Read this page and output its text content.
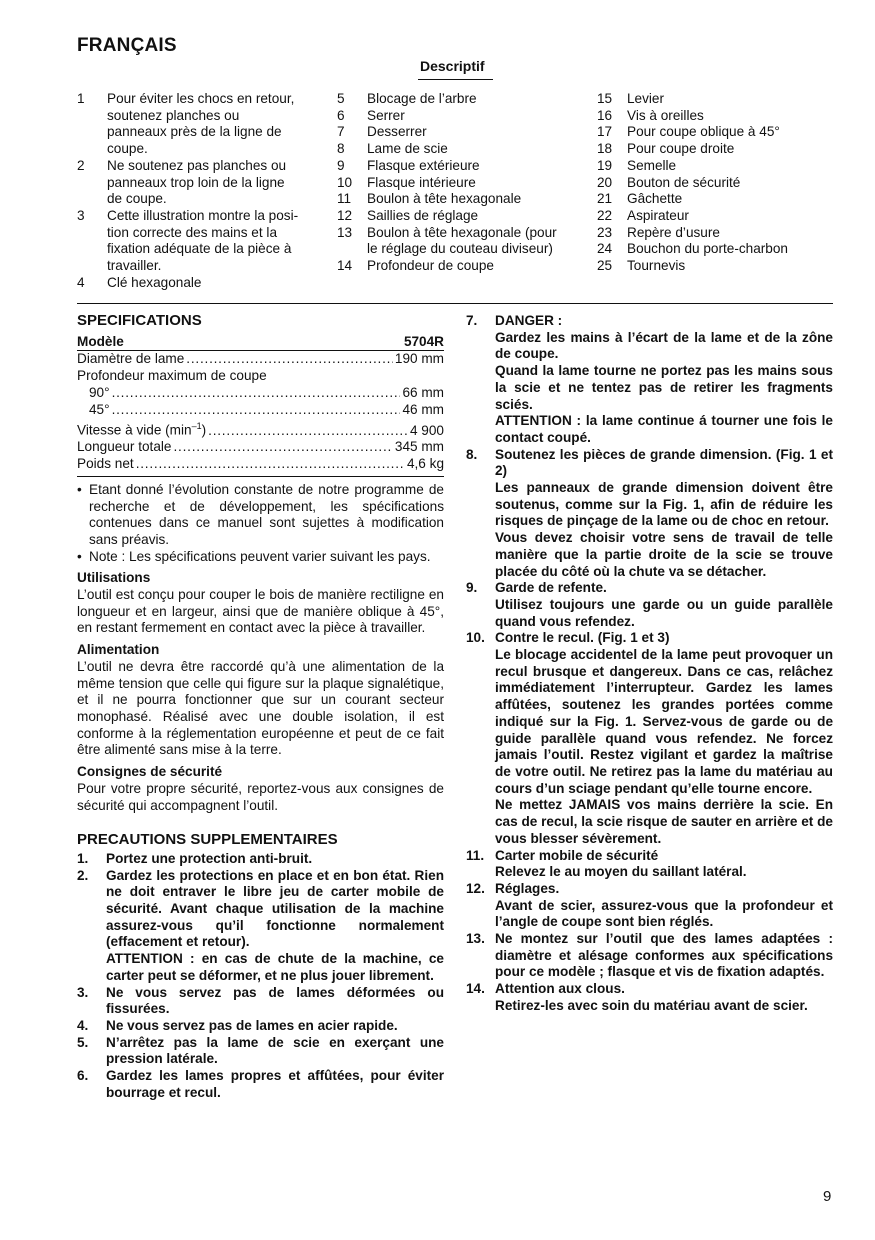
FRANÇAIS
Descriptif
1	Pour éviter les chocs en retour,
soutenez planches ou
panneaux près de la ligne de
coupe.
2	Ne soutenez pas planches ou
panneaux trop loin de la ligne
de coupe.
3	Cette illustration montre la posi-
tion correcte des mains et la
fixation adéquate de la pièce à
travailler.
4	Clé hexagonale
5	Blocage de l’arbre
6	Serrer
7	Desserrer
8	Lame de scie
9	Flasque extérieure
10	Flasque intérieure
11	Boulon à tête hexagonale
12	Saillies de réglage
13	Boulon à tête hexagonale (pour
le réglage du couteau diviseur)
14	Profondeur de coupe
15	Levier
16	Vis à oreilles
17	Pour coupe oblique à 45°
18	Pour coupe droite
19	Semelle
20	Bouton de sécurité
21	Gâchette
22	Aspirateur
23	Repère d’usure
24	Bouchon du porte-charbon
25	Tournevis
SPECIFICATIONS
Modèle	5704R
Diamètre de lame . . .	190 mm
Profondeur maximum de coupe
90° . . .	66 mm
45° . . .	46 mm
Vitesse à vide $(\min^{-1})$ . . .	4 900
Longueur totale . . .	345 mm
Poids net . . .	4,6 kg
• Etant donné l’évolution constante de notre programme de recherche et de développement, les spécifications contenues dans ce manuel sont sujettes à modification sans préavis.
• Note : Les spécifications peuvent varier suivant les pays.
Utilisations
L’outil est conçu pour couper le bois de manière rectiligne en longueur et en largeur, ainsi que de manière oblique à 45°, en restant fermement en contact avec la pièce à travailler.
Alimentation
L’outil ne devra être raccordé qu’à une alimentation de la même tension que celle qui figure sur la plaque signalétique, et il ne pourra fonctionner que sur un courant secteur monophasé. Réalisé avec une double isolation, il est conforme à la réglementation européenne et peut de ce fait être alimenté sans mise à la terre.
Consignes de sécurité
Pour votre propre sécurité, reportez-vous aux consignes de sécurité qui accompagnent l’outil.
PRECAUTIONS SUPPLEMENTAIRES
1.	Portez une protection anti-bruit.
2.	Gardez les protections en place et en bon état. Rien ne doit entraver le libre jeu de carter mobile de sécurité. Avant chaque utilisation de la machine assurez-vous qu’il fonctionne normalement (effacement et retour).
ATTENTION : en cas de chute de la machine, ce carter peut se déformer, et ne plus jouer librement.
3.	Ne vous servez pas de lames déformées ou fissurées.
4.	Ne vous servez pas de lames en acier rapide.
5.	N’arrêtez pas la lame de scie en exerçant une pression latérale.
6.	Gardez les lames propres et affûtées, pour éviter bourrage et recul.
7.	DANGER :
Gardez les mains à l’écart de la lame et de la zône de coupe.
Quand la lame tourne ne portez pas les mains sous la scie et ne tentez pas de retirer les fragments sciés.
ATTENTION : la lame continue á tourner une fois le contact coupé.
8.	Soutenez les pièces de grande dimension. (Fig. 1 et 2)
Les panneaux de grande dimension doivent être soutenus, comme sur la Fig. 1, afin de réduire les risques de pinçage de la lame ou de choc en retour.
Vous devez choisir votre sens de travail de telle manière que la partie droite de la scie se trouve placée du côté où la chute va se détacher.
9.	Garde de refente.
Utilisez toujours une garde ou un guide parallèle quand vous refendez.
10. Contre le recul. (Fig. 1 et 3)
Le blocage accidentel de la lame peut provoquer un recul brusque et dangereux. Dans ce cas, relâchez immédiatement l’interrupteur. Gardez les lames affûtées, soutenez les grandes portées comme indiqué sur la Fig. 1. Servez-vous de garde ou de guide parallèle quand vous refendez. Ne forcez jamais l’outil. Restez vigilant et gardez la maîtrise de votre outil. Ne retirez pas la lame du matériau au cours d’un sciage pendant qu’elle tourne encore.
Ne mettez JAMAIS vos mains derrière la scie. En cas de recul, la scie risque de sauter en arrière et de vous blesser sévèrement.
11. Carter mobile de sécurité
Relevez le au moyen du saillant latéral.
12. Réglages.
Avant de scier, assurez-vous que la profondeur et l’angle de coupe sont bien réglés.
13. Ne montez sur l’outil que des lames adaptées : diamètre et alésage conformes aux spécifications pour ce modèle ; flasque et vis de fixation adaptés.
14. Attention aux clous.
Retirez-les avec soin du matériau avant de scier.
9
